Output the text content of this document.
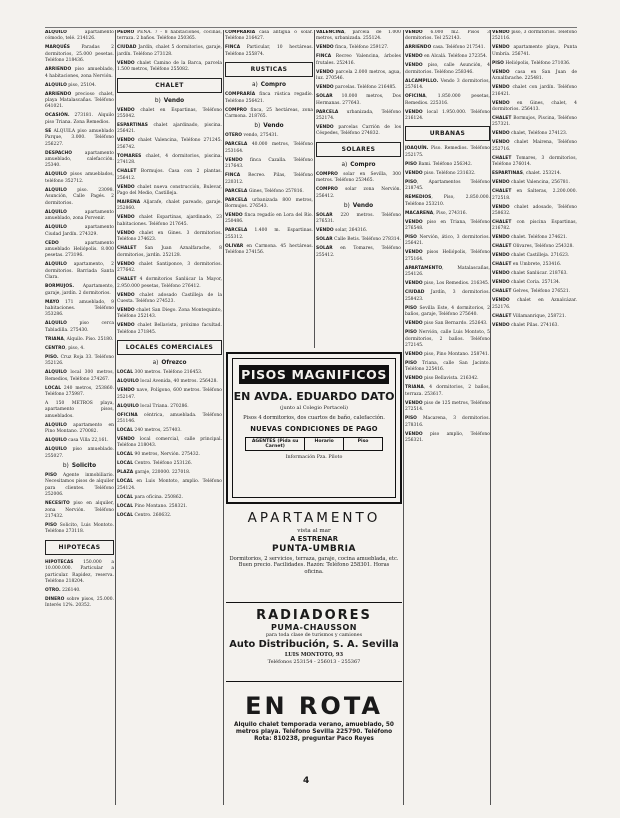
ALQUILO apartamento cómodo, telé. 214126.

MARQUÉS Paradas 2 dormitorios, 25.000 pesetas. Teléfono 218436.

ARRIENDO piso amueblado, 4 habitaciones, zona Nervión.

ALQUILO piso, 25104.

ARRIENDO precioso chalet, playa Matalascañas. Teléfono 641021.

OCASIÓN. 273181. Alquilo piso Triana. Zona Remedios.

SE ALQUILA piso amueblado Parque, 3.000. Teléfono 256227.

DESPACHO apartamento amueblado, calefacción. 25340.

ALQUILO pisos amueblados, teléfono 352712.

ALQUILO piso. 23098. Asunción, Calle Pagés. 2 dormitorios.

ALQUILO apartamento amueblado, zona Porvenir.

ALQUILO apartamento Ciudad Jardín. 274329.

CEDO apartamento amueblado Heliópolis. 8.000 pesetas. 273196.

ALQUILO apartamento, 2 dormitorios. Barriada Santa Clara.

BORMUJOS. Apartamento, garaje, jardín. 2 dormitorios.

MAYO 171 amueblado, 9 habitaciones. Teléfono 353286.

ALQUILO piso cerca Tabladilla. 275430.

TRIANA, Alquilo. Piso. 25180.

CENTRO, piso, 4.

PISO. Cruz Roja 33. Teléfono 352126.

ALQUILO local 300 metros, Remedios, Teléfono 274267.

LOCAL 240 metros, 253860. Teléfono 275987.

A 150 METROS playa, apartamento pisos, amueblados.

ALQUILO apartamento en Pino Montano. 270082.

ALQUILO casa Villa 22,161.

ALQUILO piso amueblado. 255027.

b) Solicito

PISO Agente inmobiliario. Necesitamos pisos de alquiler para clientes. Teléfono 252006.

NECESITO piso en alquiler, zona Nervión. Teléfono 217432.

PISO Solicito, Luis Montoto. Teléfono 273118.

HIPOTECAS

HIPOTECAS 150.000 a 10.000.000. Particular a particular. Rapidez, reserva. Teléfono 218204.

OTRO. 226140.

DINERO sobre pisos, 25.000. Interés 12%. 20352.

PEDRO PEÑA. 7 - 8 habitaciones, cocinas, terraza. 2 baños. Teléfono 250365.

CIUDAD Jardín, chalet 5 dormitorios, garaje, jardín. Teléfono 273128.

VENDO chalet Camino de la Barca, parcela 1.500 metros, Teléfono 255082.

CHALET
b) Vendo

VENDO chalet en Espartinas, Teléfono 255042.

ESPARTINAS chalet ajardinado, piscina. 256421.

VENDO chalet Valencina, Teléfono 271245. 256742.

TOMARES chalet, 4 dormitorios, piscina. 274128.

CHALET Bormujos. Casa con 2 plantas. 256412.

VENDO chalet nueva construcción, Bulevar, Pago del Medio, Castilleja.

MAIRENA Aljarafe, chalet pareado, garaje. 252860.

VENDO chalet Espartinas, ajardinado, 23 habitaciones. Teléfono 217645.

VENDO chalet en Gines. 3 dormitorios. Teléfono 274623.

CHALET San Juan Aznalfarache, 8 dormitorios, jardín. 252128.

VENDO chalet Santiponce, 3 dormitorios. 277642.

CHALET 4 dormitorios Sanlúcar la Mayor, 2.950.000 pesetas, Teléfono 276412.

VENDO chalet adosado Castilleja de la Cuesta. Teléfono 274523.

VENDO chalet San Diego. Zona Montequinto, Teléfono 252143.

VENDO chalet Bellavista, próximo facultad. Teléfono 271845.

LOCALES COMERCIALES
a) Ofrezco

LOCAL 300 metros. Teléfono 216453.

ALQUILO local Avenida, 40 metros. 256428.

VENDO nave, Polígono, 600 metros. Teléfono 252147.

ALQUILO local Triana. 270286.

OFICINA céntrica, amueblada. Teléfono 251146.

LOCAL 240 metros, 257403.

VENDO local comercial, calle principal. Teléfono 218043.

LOCAL 90 metros, Nervión. 275432.

LOCAL Centro. Teléfono 253126.

PLAZA garaje, 220000. 227018.

LOCAL en Luis Montoto, amplio. Teléfono 254124.

LOCAL para oficina. 250862.

LOCAL Pino Montano. 258321.

LOCAL Centro. 260632.

COMPRARIA casa antigua o solar. Teléfono 216427.

FINCA Particular, 10 hectáreas. Teléfono 255874.

RUSTICAS
a) Compro

COMPRARÍA finca rústica regadío. Teléfono 256421.

COMPRO finca, 25 hectáreas, zona Carmona. 218765.

b) Vendo

OTERO vendo, 275431.

PARCELA 40.000 metros, Teléfono 253164.

VENDO finca Cazalla. Teléfono 217643.

FINCA Recreo. Pilas, Teléfono 220312.

PARCELA Gines, Teléfono 257816.

PARCELA urbanizada 800 metros, Bormujos. 276543.

VENDO finca regadío en Lora del Río. 250486.

PARCELA 1.400 m. Espartinas. 255312.

OLIVAR en Carmona. 45 hectáreas. Teléfono 274156.

VALENCINA, parcela de 1.000 metros, urbanizada. 255124.

VENDO finca, Teléfono 259127.

FINCA Recreo Valencina, árboles frutales. 252416.

VENDO parcela 2.000 metros, agua, luz. 270546.

VENDO parcelas. Teléfono 216485.

SOLAR 10.000 metros, Dos Hermanas. 277643.

PARCELA urbanizada, Teléfono 252174.

VENDO parcelas Carrión de los Céspedes, Teléfono 274832.

SOLARES
a) Compro

COMPRO solar en Sevilla, 300 metros. Teléfono 253465.

COMPRO solar zona Nervión. 256412.

b) Vendo

SOLAR 220 metros. Teléfono 276531.

VENDO solar, 264316.

SOLAR Calle Betis. Teléfono 278314.

SOLAR en Tomares, Teléfono 255412.

VENDO 6.000 m2. Pisos 3 dormitorios. Tel 252143.

ARRIENDO casa. Teléfono 217541.

VENDO en Alcalá. Teléfono 272354.

VENDO piso, calle Asunción, 4 dormitorios. Teléfono 258346.

ALCAMPILLO. Vendo 3 dormitorios, 257614.

OFICINA, 1.850.000 pesetas, Remedios. 225316.

VENDO local 1.950.000. Teléfono 216124.

URBANAS

JOAQUÍN. Piso. Remedios. Teléfono 252175.

PISO Bami. Teléfono 256342.

VENDO piso. Teléfono 231632.

PISO, Apartamentos Teléfono 218745.

REMEDIOS, Piso, 2.850.000. Teléfono 253210.

MACARENA, Piso, 274316.

VENDO piso en Triana, Teléfono 276548.

PISO Nervión, ático, 3 dormitorios. 256421.

VENDO pisos Heliópolis, Teléfono 275164.

APARTAMENTO, Matalascañas, 254126.

VENDO piso, Los Remedios. 216345.

CIUDAD Jardín, 3 dormitorios. 258423.

PISO Sevilla Este, 4 dormitorios, 2 baños, garaje, Teléfono 275640.

VENDO piso San Bernardo. 252643.

PISO Nervión, calle Luis Montoto, 5 dormitorios, 2 baños. Teléfono 272145.

VENDO piso, Pino Montano. 258741.

PISO Triana, calle San Jacinto. Teléfono 225416.

VENDO piso Bellavista. 216342.

TRIANA, 4 dormitorios, 2 baños, terraza. 253617.

VENDO piso de 125 metros, Teléfono 272514.

PISO Macarena, 3 dormitorios. 278316.

VENDO piso amplio, Teléfono 256321.

VENDO piso, 3 dormitorios. Teléfono 252116.

VENDO apartamento playa, Punta Umbría. 256741.

PISO Heliópolis, Teléfono 271036.

VENDO casa en San Juan de Aznalfarache. 225481.

VENDO chalet con jardín. Teléfono 216421.

VENDO en Gines, chalet, 4 dormitorios. 256413.

CHALET Bormujos, Piscina, Teléfono 257321.

VENDO chalet, Teléfono 274123.

VENDO chalet Mairena, Teléfono 252716.

CHALET Tomares, 3 dormitorios, Teléfono 276014.

ESPARTINAS, chalet. 253214.

VENDO chalet Valencina, 256781.

CHALET en Salteras, 2.200.000. 272518.

VENDO chalet adosado, Teléfono 258632.

CHALET con piscina Espartinas, 216782.

VENDO chalet. Teléfono 274621.

CHALET Olivares, Teléfono 254328.

VENDO chalet Castilleja. 271623.

CHALET en Umbrete, 253416.

VENDO chalet Sanlúcar. 218763.

VENDO chalet Coria. 257134.

CHALET Gelves, Teléfono 276521.

VENDO chalet en Aznalcázar. 252176.

CHALET Villamanrique, 258721.

VENDO chalet Pilas. 274163.

PISOS MAGNIFICOS
EN AVDA. EDUARDO DATO
(junto al Colegio Portaceli)
Pisos 4 dormitorios, dos cuartos de baño, calefacción.
NUEVAS CONDICIONES DE PAGO
AGENTES (Pida su Carnet)
Horario	Piso
Información Pza. Piloto
APARTAMENTO
vista al mar
A ESTRENAR
PUNTA-UMBRIA
Dormitorios, 2 servicios, terraza, garaje, cocina amueblada, etc. Buen precio. Facilidades. Razón: Teléfono 258301. Horas oficina.
RADIADORES
PUMA-CHAUSSON
para toda clase de turismos y camiones
Auto Distribución, S. A. Sevilla
LUIS MONTOTO, 93
Teléfonos 253154 - 256013 - 255367
EN ROTA
Alquilo chalet temporada verano, amueblado, 50 metros playa. Teléfono Sevilla 225790. Teléfono Rota: 810238, preguntar Paco Reyes
4
